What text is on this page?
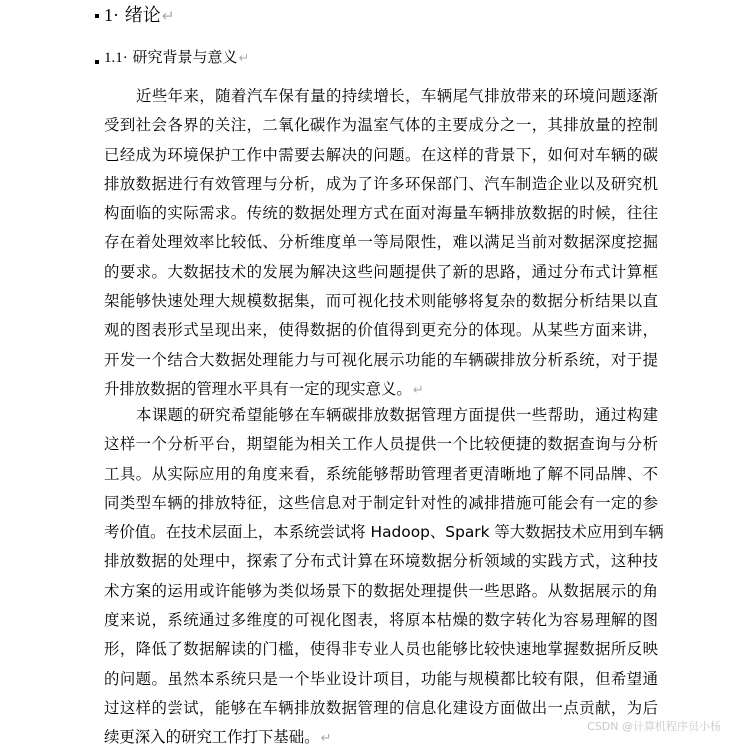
1· 绪论↵
1.1· 研究背景与意义↵
近些年来，随着汽车保有量的持续增长，车辆尾气排放带来的环境问题逐渐
受到社会各界的关注，二氧化碳作为温室气体的主要成分之一，其排放量的控制
已经成为环境保护工作中需要去解决的问题。在这样的背景下，如何对车辆的碳
排放数据进行有效管理与分析，成为了许多环保部门、汽车制造企业以及研究机
构面临的实际需求。传统的数据处理方式在面对海量车辆排放数据的时候，往往
存在着处理效率比较低、分析维度单一等局限性，难以满足当前对数据深度挖掘
的要求。大数据技术的发展为解决这些问题提供了新的思路，通过分布式计算框
架能够快速处理大规模数据集，而可视化技术则能够将复杂的数据分析结果以直
观的图表形式呈现出来，使得数据的价值得到更充分的体现。从某些方面来讲，
开发一个结合大数据处理能力与可视化展示功能的车辆碳排放分析系统，对于提
升排放数据的管理水平具有一定的现实意义。↵
本课题的研究希望能够在车辆碳排放数据管理方面提供一些帮助，通过构建
这样一个分析平台，期望能为相关工作人员提供一个比较便捷的数据查询与分析
工具。从实际应用的角度来看，系统能够帮助管理者更清晰地了解不同品牌、不
同类型车辆的排放特征，这些信息对于制定针对性的减排措施可能会有一定的参
考价值。在技术层面上，本系统尝试将 Hadoop、Spark 等大数据技术应用到车辆
排放数据的处理中，探索了分布式计算在环境数据分析领域的实践方式，这种技
术方案的运用或许能够为类似场景下的数据处理提供一些思路。从数据展示的角
度来说，系统通过多维度的可视化图表，将原本枯燥的数字转化为容易理解的图
形，降低了数据解读的门槛，使得非专业人员也能够比较快速地掌握数据所反映
的问题。虽然本系统只是一个毕业设计项目，功能与规模都比较有限，但希望通
过这样的尝试，能够在车辆排放数据管理的信息化建设方面做出一点贡献，为后
续更深入的研究工作打下基础。↵
CSDN @计算机程序员小杨
